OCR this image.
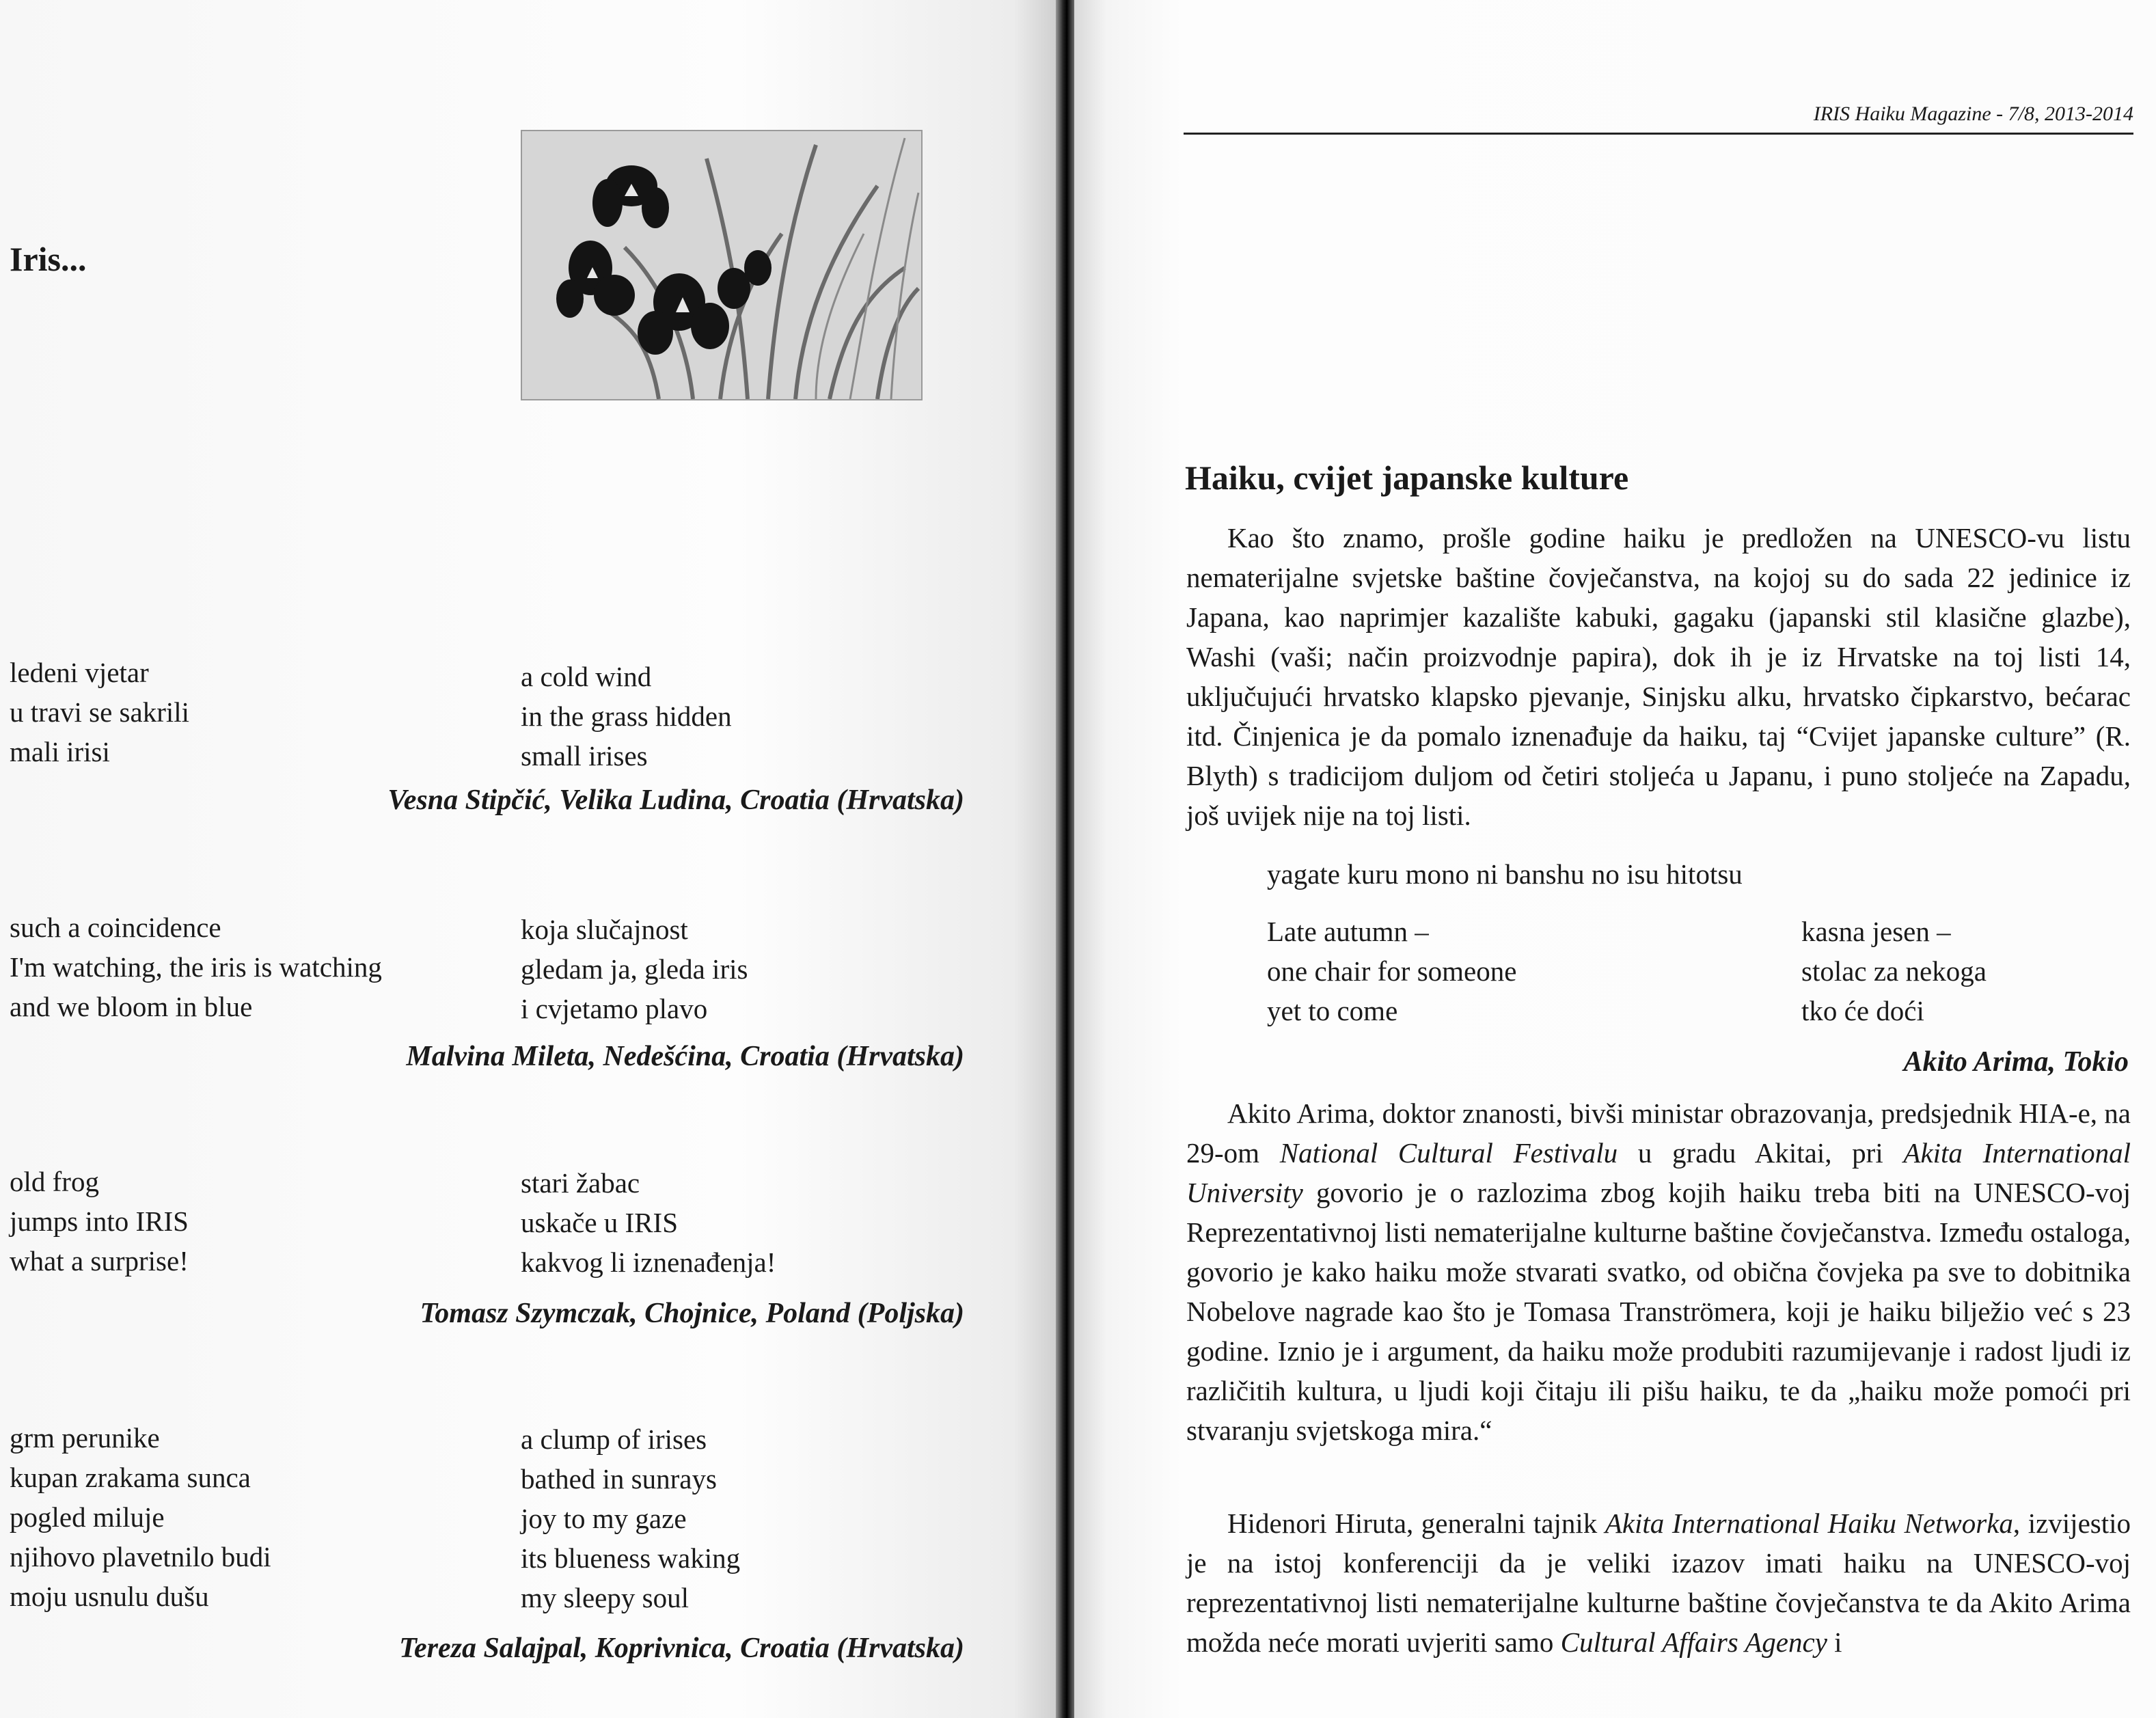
Iris...
ledeni vjetar
u travi se sakrili
mali irisi
a cold wind
in the grass hidden
small irises
Vesna Stipčić, Velika Ludina, Croatia (Hrvatska)
such a coincidence
I'm watching, the iris is watching
and we bloom in blue
koja slučajnost
gledam ja, gleda iris
i cvjetamo plavo
Malvina Mileta, Nedešćina, Croatia (Hrvatska)
old frog
jumps into IRIS
what a surprise!
stari žabac
uskače u IRIS
kakvog li iznenađenja!
Tomasz Szymczak, Chojnice, Poland (Poljska)
grm perunike
kupan zrakama sunca
pogled miluje
njihovo plavetnilo budi
moju usnulu dušu
a clump of irises
bathed in sunrays
joy to my gaze
its blueness waking
my sleepy soul
Tereza Salajpal, Koprivnica, Croatia (Hrvatska)
IRIS Haiku Magazine - 7/8, 2013-2014
Haiku, cvijet japanske kulture

Kao što znamo, prošle godine haiku je predložen na UNESCO-vu listu nematerijalne svjetske baštine čovječanstva, na kojoj su do sada 22 jedinice iz Japana, kao naprimjer kazalište kabuki, gagaku (japanski stil klasične glazbe), Washi (vaši; način proizvodnje papira), dok ih je iz Hrvatske na toj listi 14, uključujući hrvatsko klapsko pjevanje, Sinjsku alku, hrvatsko čipkarstvo, bećarac itd. Činjenica je da pomalo iznenađuje da haiku, taj “Cvijet japanske culture” (R. Blyth) s tradicijom duljom od četiri stoljeća u Japanu, i puno stoljeće na Zapadu, još uvijek nije na toj listi.

yagate kuru mono ni banshu no isu hitotsu

Late autumn –
one chair for someone
yet to come
kasna jesen –
stolac za nekoga
tko će doći
Akito Arima, Tokio

Akito Arima, doktor znanosti, bivši ministar obrazovanja, predsjednik HIA-e, na 29-om National Cultural Festivalu u gradu Akitai, pri Akita International University govorio je o razlozima zbog kojih haiku treba biti na UNESCO-voj Reprezentativnoj listi nematerijalne kulturne baštine čovječanstva. Između ostaloga, govorio je kako haiku može stvarati svatko, od obična čovjeka pa sve to dobitnika Nobelove nagrade kao što je Tomasa Tranströmera, koji je haiku bilježio već s 23 godine. Iznio je i argument, da haiku može produbiti razumijevanje i radost ljudi iz različitih kultura, u ljudi koji čitaju ili pišu haiku, te da „haiku može pomoći pri stvaranju svjetskoga mira.“

Hidenori Hiruta, generalni tajnik Akita International Haiku Networka, izvijestio je na istoj konferenciji da je veliki izazov imati haiku na UNESCO-voj reprezentativnoj listi nematerijalne kulturne baštine čovječanstva te da Akito Arima možda neće morati uvjeriti samo Cultural Affairs Agency i
